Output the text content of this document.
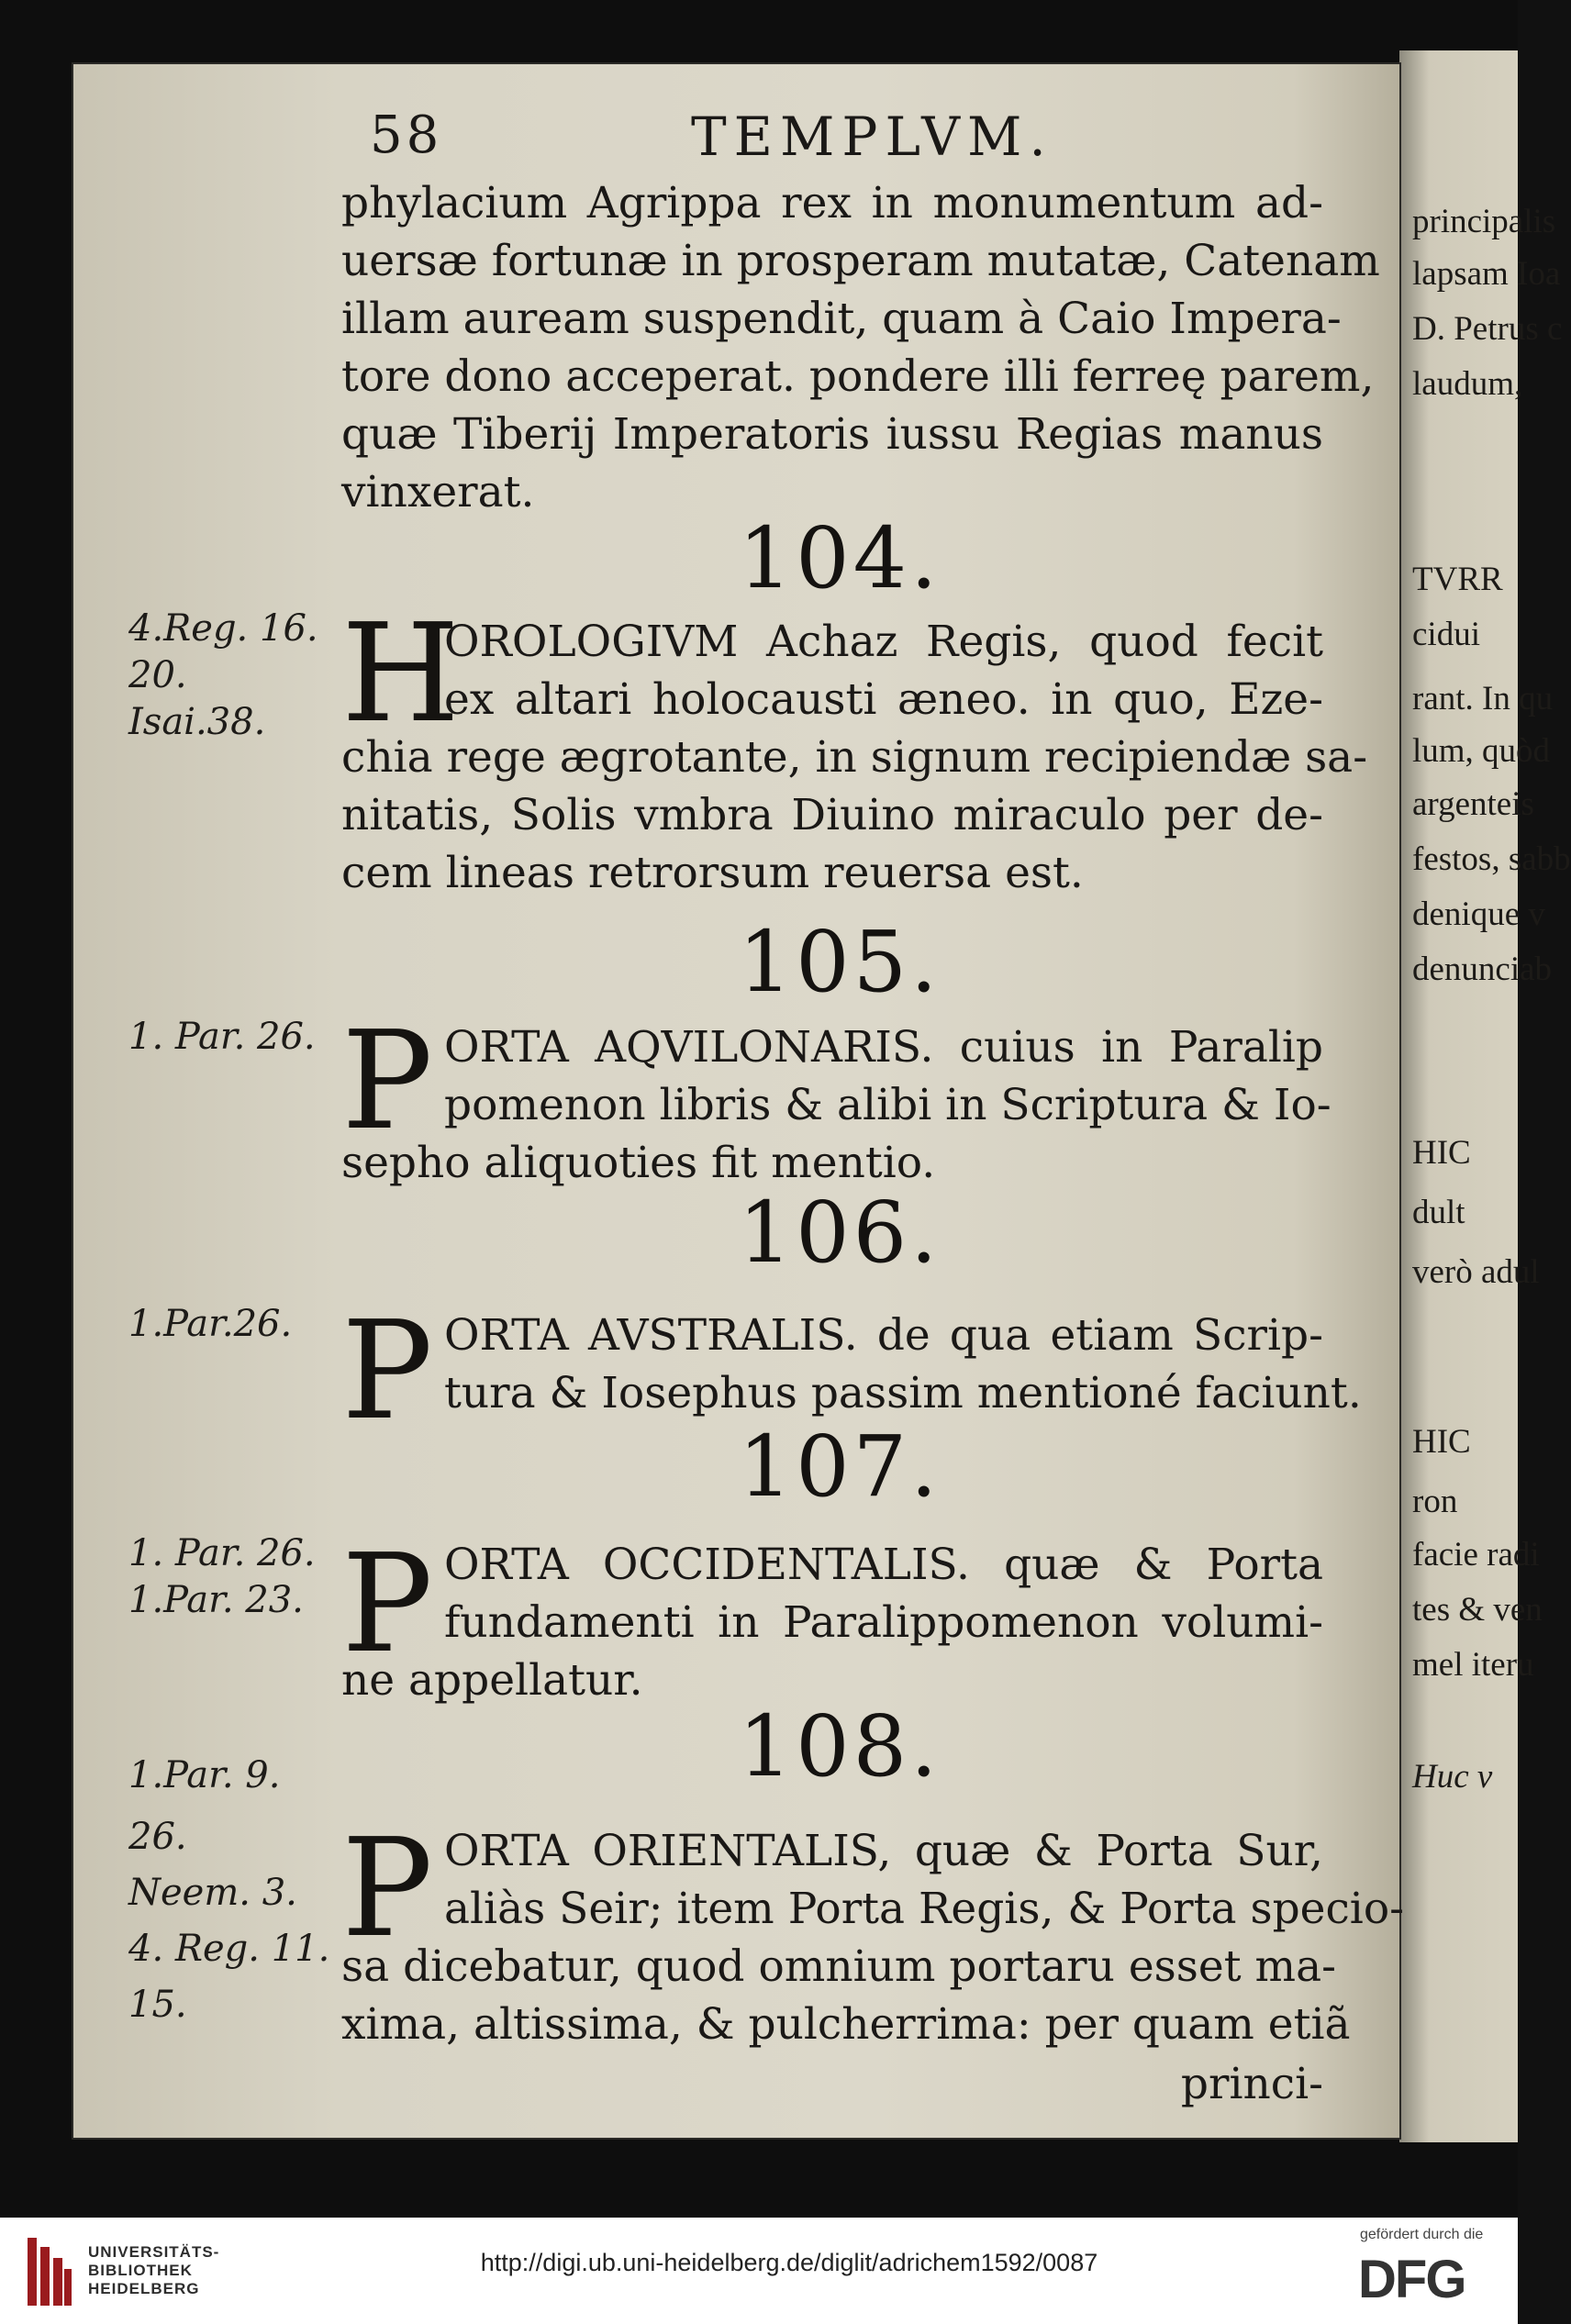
principalis
lapsam Ioa
D. Petrus c
laudum,
TVRR
cidui
rant. In qu
lum, quòd
argenteis
festos, sabb
denique v
denunciab
HIC
dult
verò adul
HIC
ron
facie radi
tes & ven
mel iteru
Huc v
58	TEMPLVM.
phylacium Agrippa rex in monumentum ad-
uersæ fortunæ in prosperam mutatæ, Catenam
illam auream suspendit, quam à Caio Impera-
tore dono acceperat. pondere illi ferreę parem,
quæ Tiberij Imperatoris iussu Regias manus
vinxerat.
104.
4.Reg. 16.
20.
Isai.38. H
OROLOGIVM Achaz Regis, quod fecit
ex altari holocausti æneo. in quo, Eze-
chia rege ægrotante, in signum recipiendæ sa-
nitatis, Solis vmbra Diuino miraculo per de-
cem lineas retrorsum reuersa est.
105.
1. Par. 26. P ORTA AQVILONARIS. cuius in Paralip
pomenon libris & alibi in Scriptura & Io-
sepho aliquoties fit mentio.
106.
1.Par.26. P ORTA AVSTRALIS. de qua etiam Scrip-
tura & Iosephus passim mentioné faciunt.
107.
1. Par. 26.
1.Par. 23. P ORTA OCCIDENTALIS. quæ & Porta
fundamenti in Paralippomenon volumi-
ne appellatur.
108.
1.Par. 9.
26.
Neem. 3.
4. Reg. 11.
15.
P ORTA ORIENTALIS, quæ & Porta Sur,
aliàs Seir; item Porta Regis, & Porta specio-
sa dicebatur, quod omnium portaru esset ma-
xima, altissima, & pulcherrima: per quam etiã
princi-
UNIVERSITÄTS-
BIBLIOTHEK
HEIDELBERG
http://digi.ub.uni-heidelberg.de/diglit/adrichem1592/0087
gefördert durch die
DFG
